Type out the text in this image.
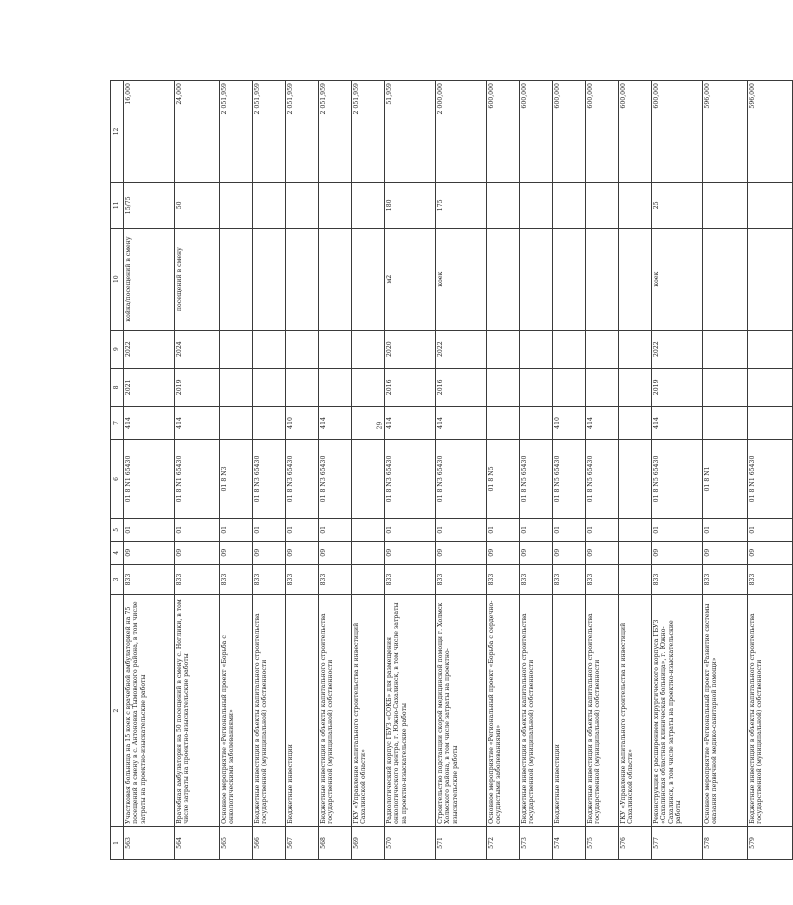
29
1	2	3	4	5	6	7	8	9	10	11	12
563	Участковая больница на 15 коек с врачебной амбулаторией на 75 посещений в смену в с. Антоновка Тымовского района, в том числе затраты на проектно-изыскательские работы	833	09	01	01 8 N1 65430	414	2021	2022	койка/посещений в смену	15/75	16,000
564	Врачебная амбулатория на 50 посещений в смену с. Ноглики, в том числе затраты на проектно-изыскательские работы	833	09	01	01 8 N1 65430	414	2019	2024	посещений в смену	50	24,000
565	Основное мероприятие «Региональный проект «Борьба с онкологическими заболеваниями»	833	09	01	01 8 N3						2 051,959
566	Бюджетные инвестиции в объекты капитального строительства государственной (муниципальной) собственности	833	09	01	01 8 N3 65430						2 051,959
567	Бюджетные инвестиции	833	09	01	01 8 N3 65430	410					2 051,959
568	Бюджетные инвестиции в объекты капитального строительства государственной (муниципальной) собственности	833	09	01	01 8 N3 65430	414					2 051,959
569	ГКУ «Управление капитального строительства и инвестиций Сахалинской области»										2 051,959
570	Радиологический корпус ГБУЗ «СОКБ» для размещения онкологического центра, г. Южно-Сахалинск, в том числе затраты на проектно-изыскательские работы	833	09	01	01 8 N3 65430	414	2016	2020	м2	180	51,959
571	Строительство подстанции скорой медицинской помощи г. Холмск Холмского района, в том числе затраты на проектно-изыскательские работы	833	09	01	01 8 N3 65430	414	2016	2022	коек	175	2 000,000
572	Основное мероприятие «Региональный проект «Борьба с сердечно-сосудистыми заболеваниями»	833	09	01	01 8 N5						600,000
573	Бюджетные инвестиции в объекты капитального строительства государственной (муниципальной) собственности	833	09	01	01 8 N5 65430						600,000
574	Бюджетные инвестиции	833	09	01	01 8 N5 65430	410					600,000
575	Бюджетные инвестиции в объекты капитального строительства государственной (муниципальной) собственности	833	09	01	01 8 N5 65430	414					600,000
576	ГКУ «Управление капитального строительства и инвестиций Сахалинской области»										600,000
577	Реконструкция с расширением хирургического корпуса ГБУЗ «Сахалинская областная клиническая больница», г. Южно-Сахалинск, в том числе затраты на проектно-изыскательские работы	833	09	01	01 8 N5 65430	414	2019	2022	коек	25	600,000
578	Основное мероприятие «Региональный проект «Развитие системы оказания первичной медико-санитарной помощи»	833	09	01	01 8 N1						596,000
579	Бюджетные инвестиции в объекты капитального строительства государственной (муниципальной) собственности	833	09	01	01 8 N1 65430						596,000
